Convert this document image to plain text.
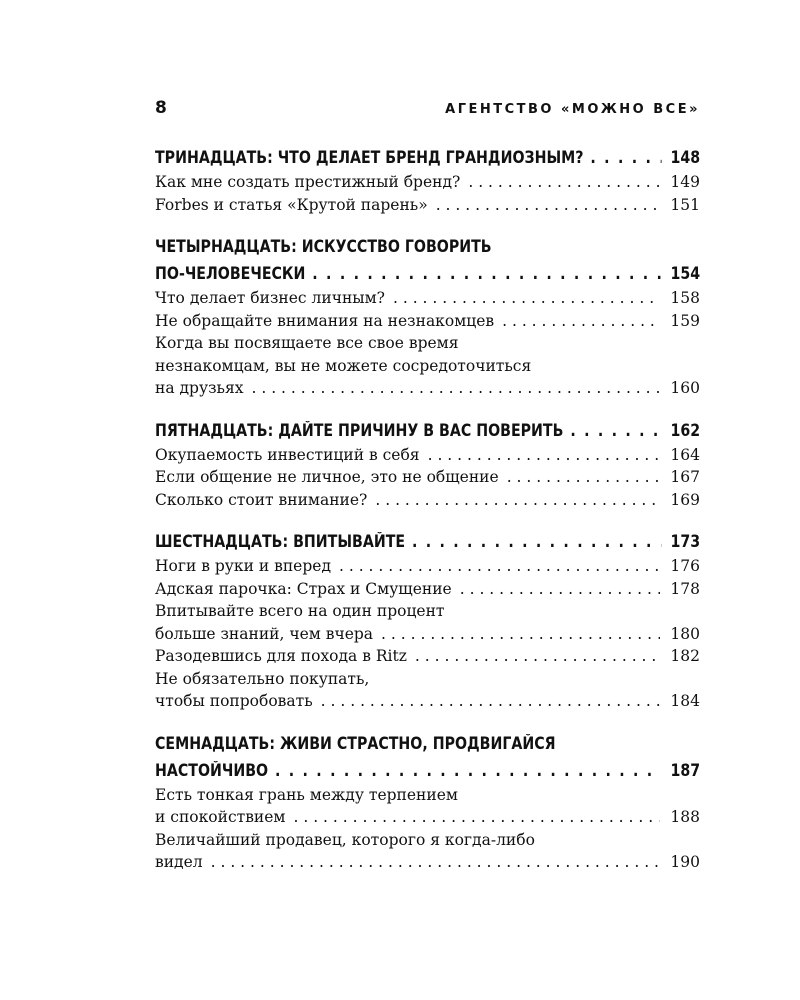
8	АГЕНТСТВО «МОЖНО ВСЕ»
ТРИНАДЦАТЬ: ЧТО ДЕЛАЕТ БРЕНД ГРАНДИОЗНЫМ? . . .	148
Как мне создать престижный бренд? . . .	149
Forbes и статья «Крутой парень» . . .	151
ЧЕТЫРНАДЦАТЬ: ИСКУССТВО ГОВОРИТЬ
ПО-ЧЕЛОВЕЧЕСКИ . . .	154
Что делает бизнес личным? . . .	158
Не обращайте внимания на незнакомцев . . .	159
Когда вы посвящаете все свое время
незнакомцам, вы не можете сосредоточиться
на друзьях . . .	160
ПЯТНАДЦАТЬ: ДАЙТЕ ПРИЧИНУ В ВАС ПОВЕРИТЬ . . .	162
Окупаемость инвестиций в себя . . .	164
Если общение не личное, это не общение . . .	167
Сколько стоит внимание? . . .	169
ШЕСТНАДЦАТЬ: ВПИТЫВАЙТЕ . . .	173
Ноги в руки и вперед . . .	176
Адская парочка: Страх и Смущение . . .	178
Впитывайте всего на один процент
больше знаний, чем вчера . . .	180
Разодевшись для похода в Ritz . . .	182
Не обязательно покупать,
чтобы попробовать . . .	184
СЕМНАДЦАТЬ: ЖИВИ СТРАСТНО, ПРОДВИГАЙСЯ
НАСТОЙЧИВО . . .	187
Есть тонкая грань между терпением
и спокойствием . . .	188
Величайший продавец, которого я когда-либо
видел . . .	190
